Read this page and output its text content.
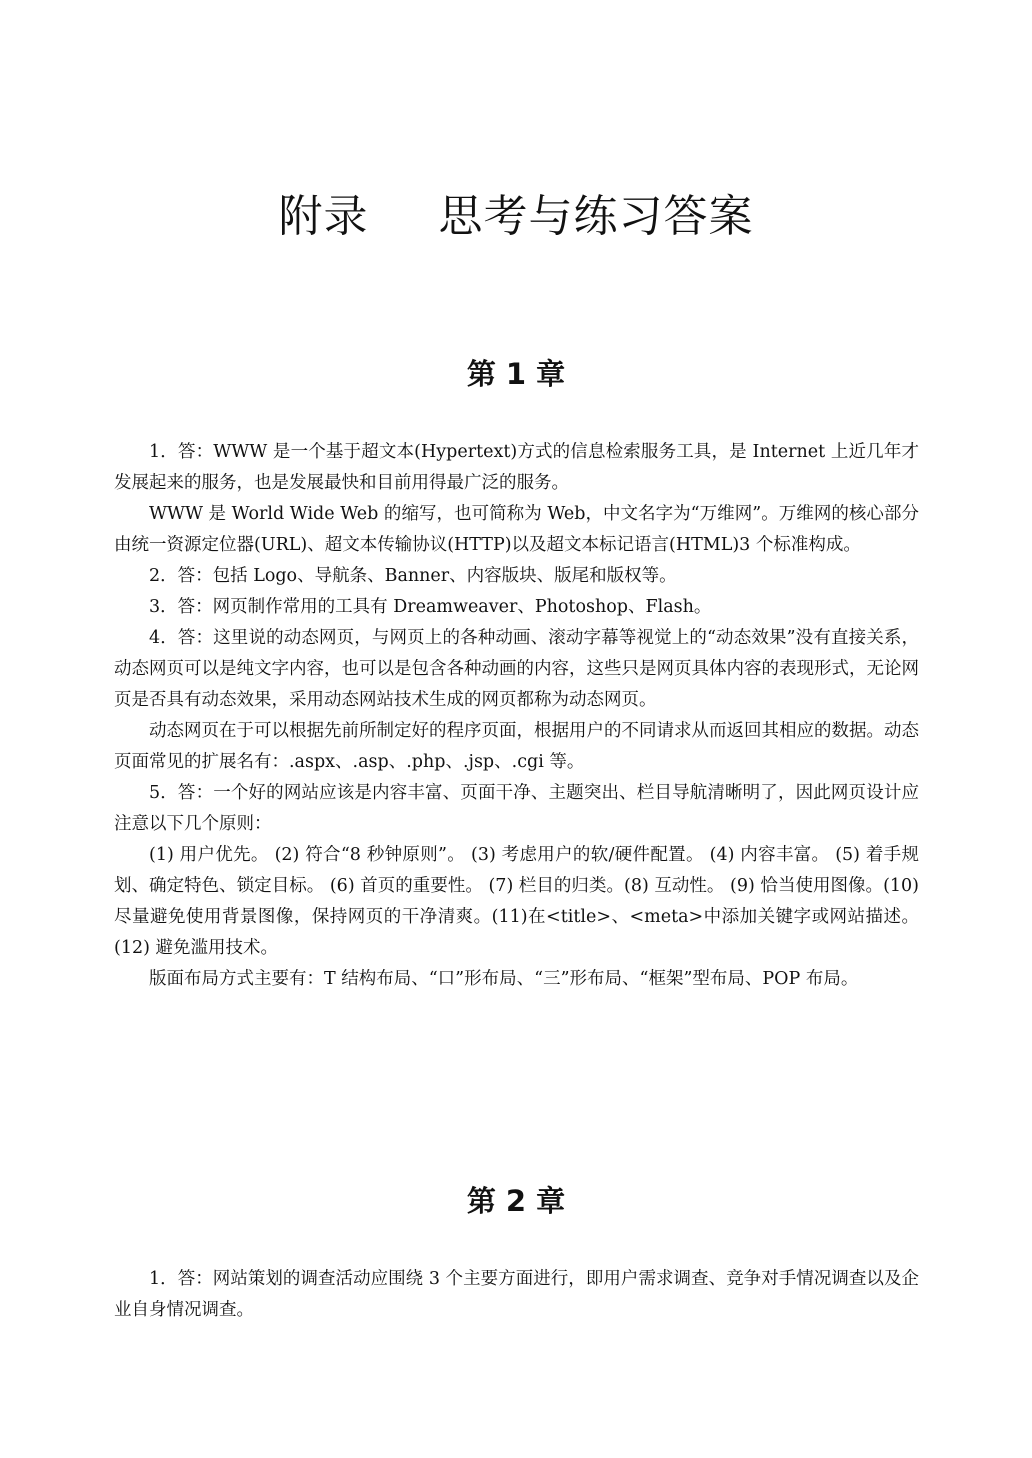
附录 思考与练习答案
第 1 章

1．答：WWW 是一个基于超文本(Hypertext)方式的信息检索服务工具，是 Internet 上近几年才发展起来的服务，也是发展最快和目前用得最广泛的服务。

WWW 是 World Wide Web 的缩写，也可简称为 Web，中文名字为“万维网”。万维网的核心部分由统一资源定位器(URL)、超文本传输协议(HTTP)以及超文本标记语言(HTML)3 个标准构成。

2．答：包括 Logo、导航条、Banner、内容版块、版尾和版权等。

3．答：网页制作常用的工具有 Dreamweaver、Photoshop、Flash。

4．答：这里说的动态网页，与网页上的各种动画、滚动字幕等视觉上的“动态效果”没有直接关系，动态网页可以是纯文字内容，也可以是包含各种动画的内容，这些只是网页具体内容的表现形式，无论网页是否具有动态效果，采用动态网站技术生成的网页都称为动态网页。

动态网页在于可以根据先前所制定好的程序页面，根据用户的不同请求从而返回其相应的数据。动态页面常见的扩展名有：.aspx、.asp、.php、.jsp、.cgi 等。

5．答：一个好的网站应该是内容丰富、页面干净、主题突出、栏目导航清晰明了，因此网页设计应注意以下几个原则：

(1) 用户优先。 (2) 符合“8 秒钟原则”。 (3) 考虑用户的软/硬件配置。 (4) 内容丰富。 (5) 着手规划、确定特色、锁定目标。 (6) 首页的重要性。 (7) 栏目的归类。(8) 互动性。 (9) 恰当使用图像。(10)尽量避免使用背景图像，保持网页的干净清爽。(11)在<title>、<meta>中添加关键字或网站描述。(12) 避免滥用技术。

版面布局方式主要有：T 结构布局、“口”形布局、“三”形布局、“框架”型布局、POP 布局。

第 2 章

1．答：网站策划的调查活动应围绕 3 个主要方面进行，即用户需求调查、竞争对手情况调查以及企业自身情况调查。
